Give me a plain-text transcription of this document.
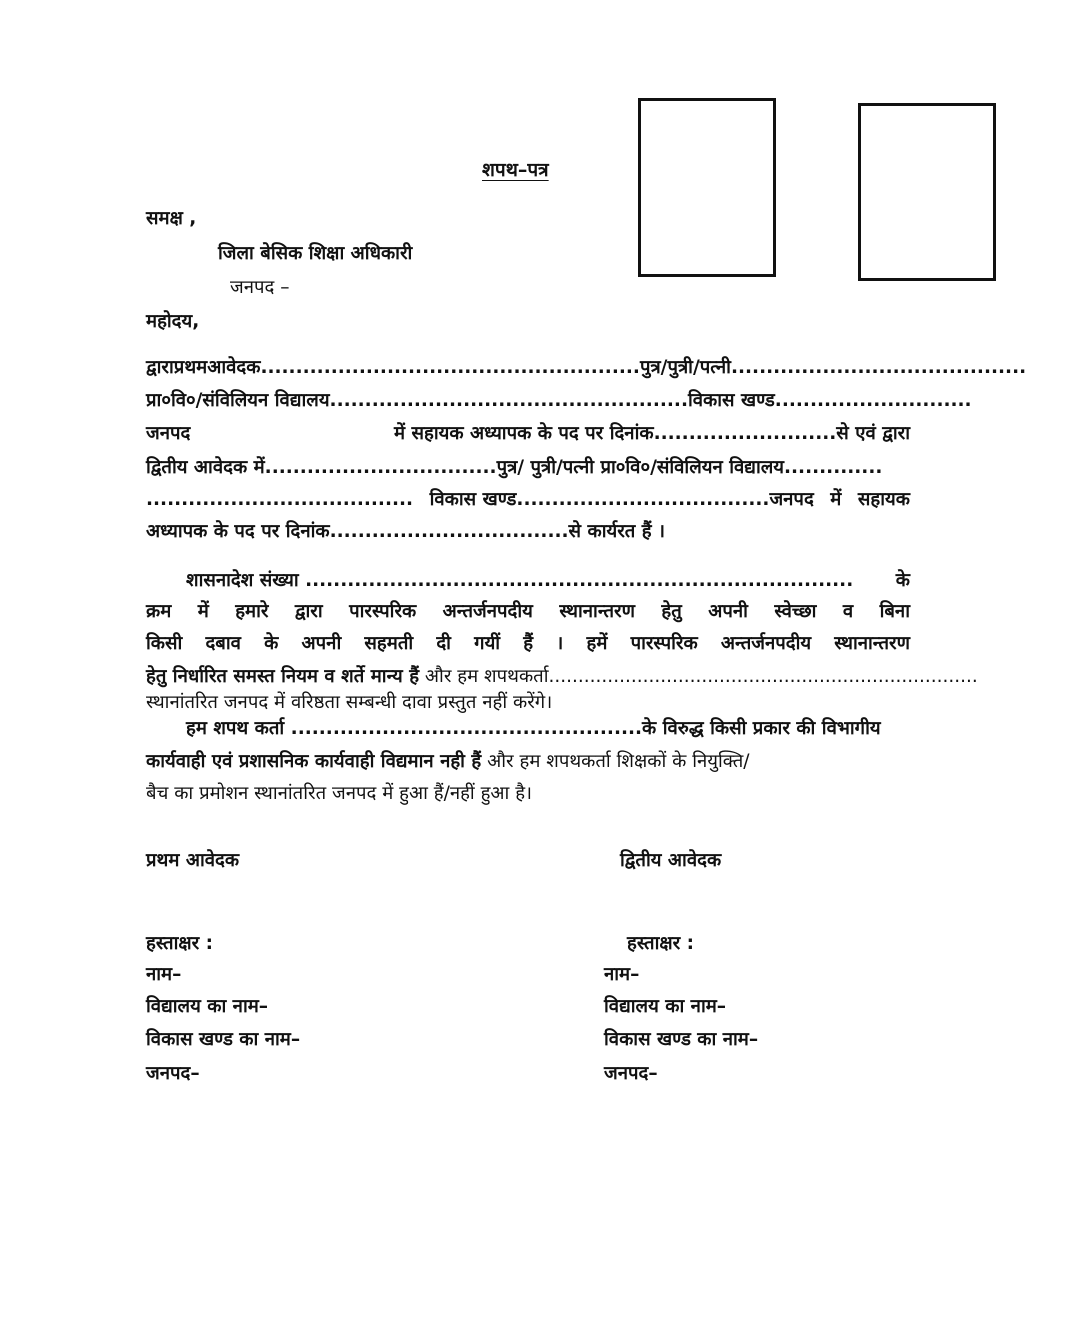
शपथ–पत्र
समक्ष ,
जिला बेसिक शिक्षा अधिकारी
जनपद –
महोदय,
द्वारा प्रथम आवेदक......................................................पुत्र/ पुत्री/पत्नी..........................................
प्रा०वि०/संविलियन विद्यालय...................................................विकास खण्ड............................
जनपद	में सहायक अध्यापक के पद पर दिनांक..........................से एवं द्वारा
द्वितीय आवेदक में.................................पुत्र/ पुत्री/पत्नी प्रा०वि०/संविलियन विद्यालय..............
...................................... विकास खण्ड....................................जनपद में सहायक
अध्यापक के पद पर दिनांक..................................से कार्यरत हैं ।
शासनादेश संख्या .............................................................................. के
क्रम में हमारे द्वारा पारस्परिक अन्तर्जनपदीय स्थानान्तरण हेतु अपनी स्वेच्छा व बिना
किसी दबाव के अपनी सहमती दी गयीं हैं । हमें पारस्परिक अन्तर्जनपदीय स्थानान्तरण
हेतु निर्धारित समस्त नियम व शर्ते मान्य हैं और हम शपथकर्ता.........................................................................
स्थानांतरित जनपद में वरिष्ठता सम्बन्धी दावा प्रस्तुत नहीं करेंगे।
हम शपथ कर्ता ..................................................के विरुद्ध किसी प्रकार की विभागीय
कार्यवाही एवं प्रशासनिक कार्यवाही विद्यमान नही हैं और हम शपथकर्ता शिक्षकों के नियुक्ति/
बैच का प्रमोशन स्थानांतरित जनपद में हुआ हैं/नहीं हुआ है।
प्रथम आवेदक
हस्ताक्षर :
नाम–
विद्यालय का नाम–
विकास खण्ड का नाम–
जनपद–
द्वितीय आवेदक
हस्ताक्षर :
नाम–
विद्यालय का नाम–
विकास खण्ड का नाम–
जनपद–
